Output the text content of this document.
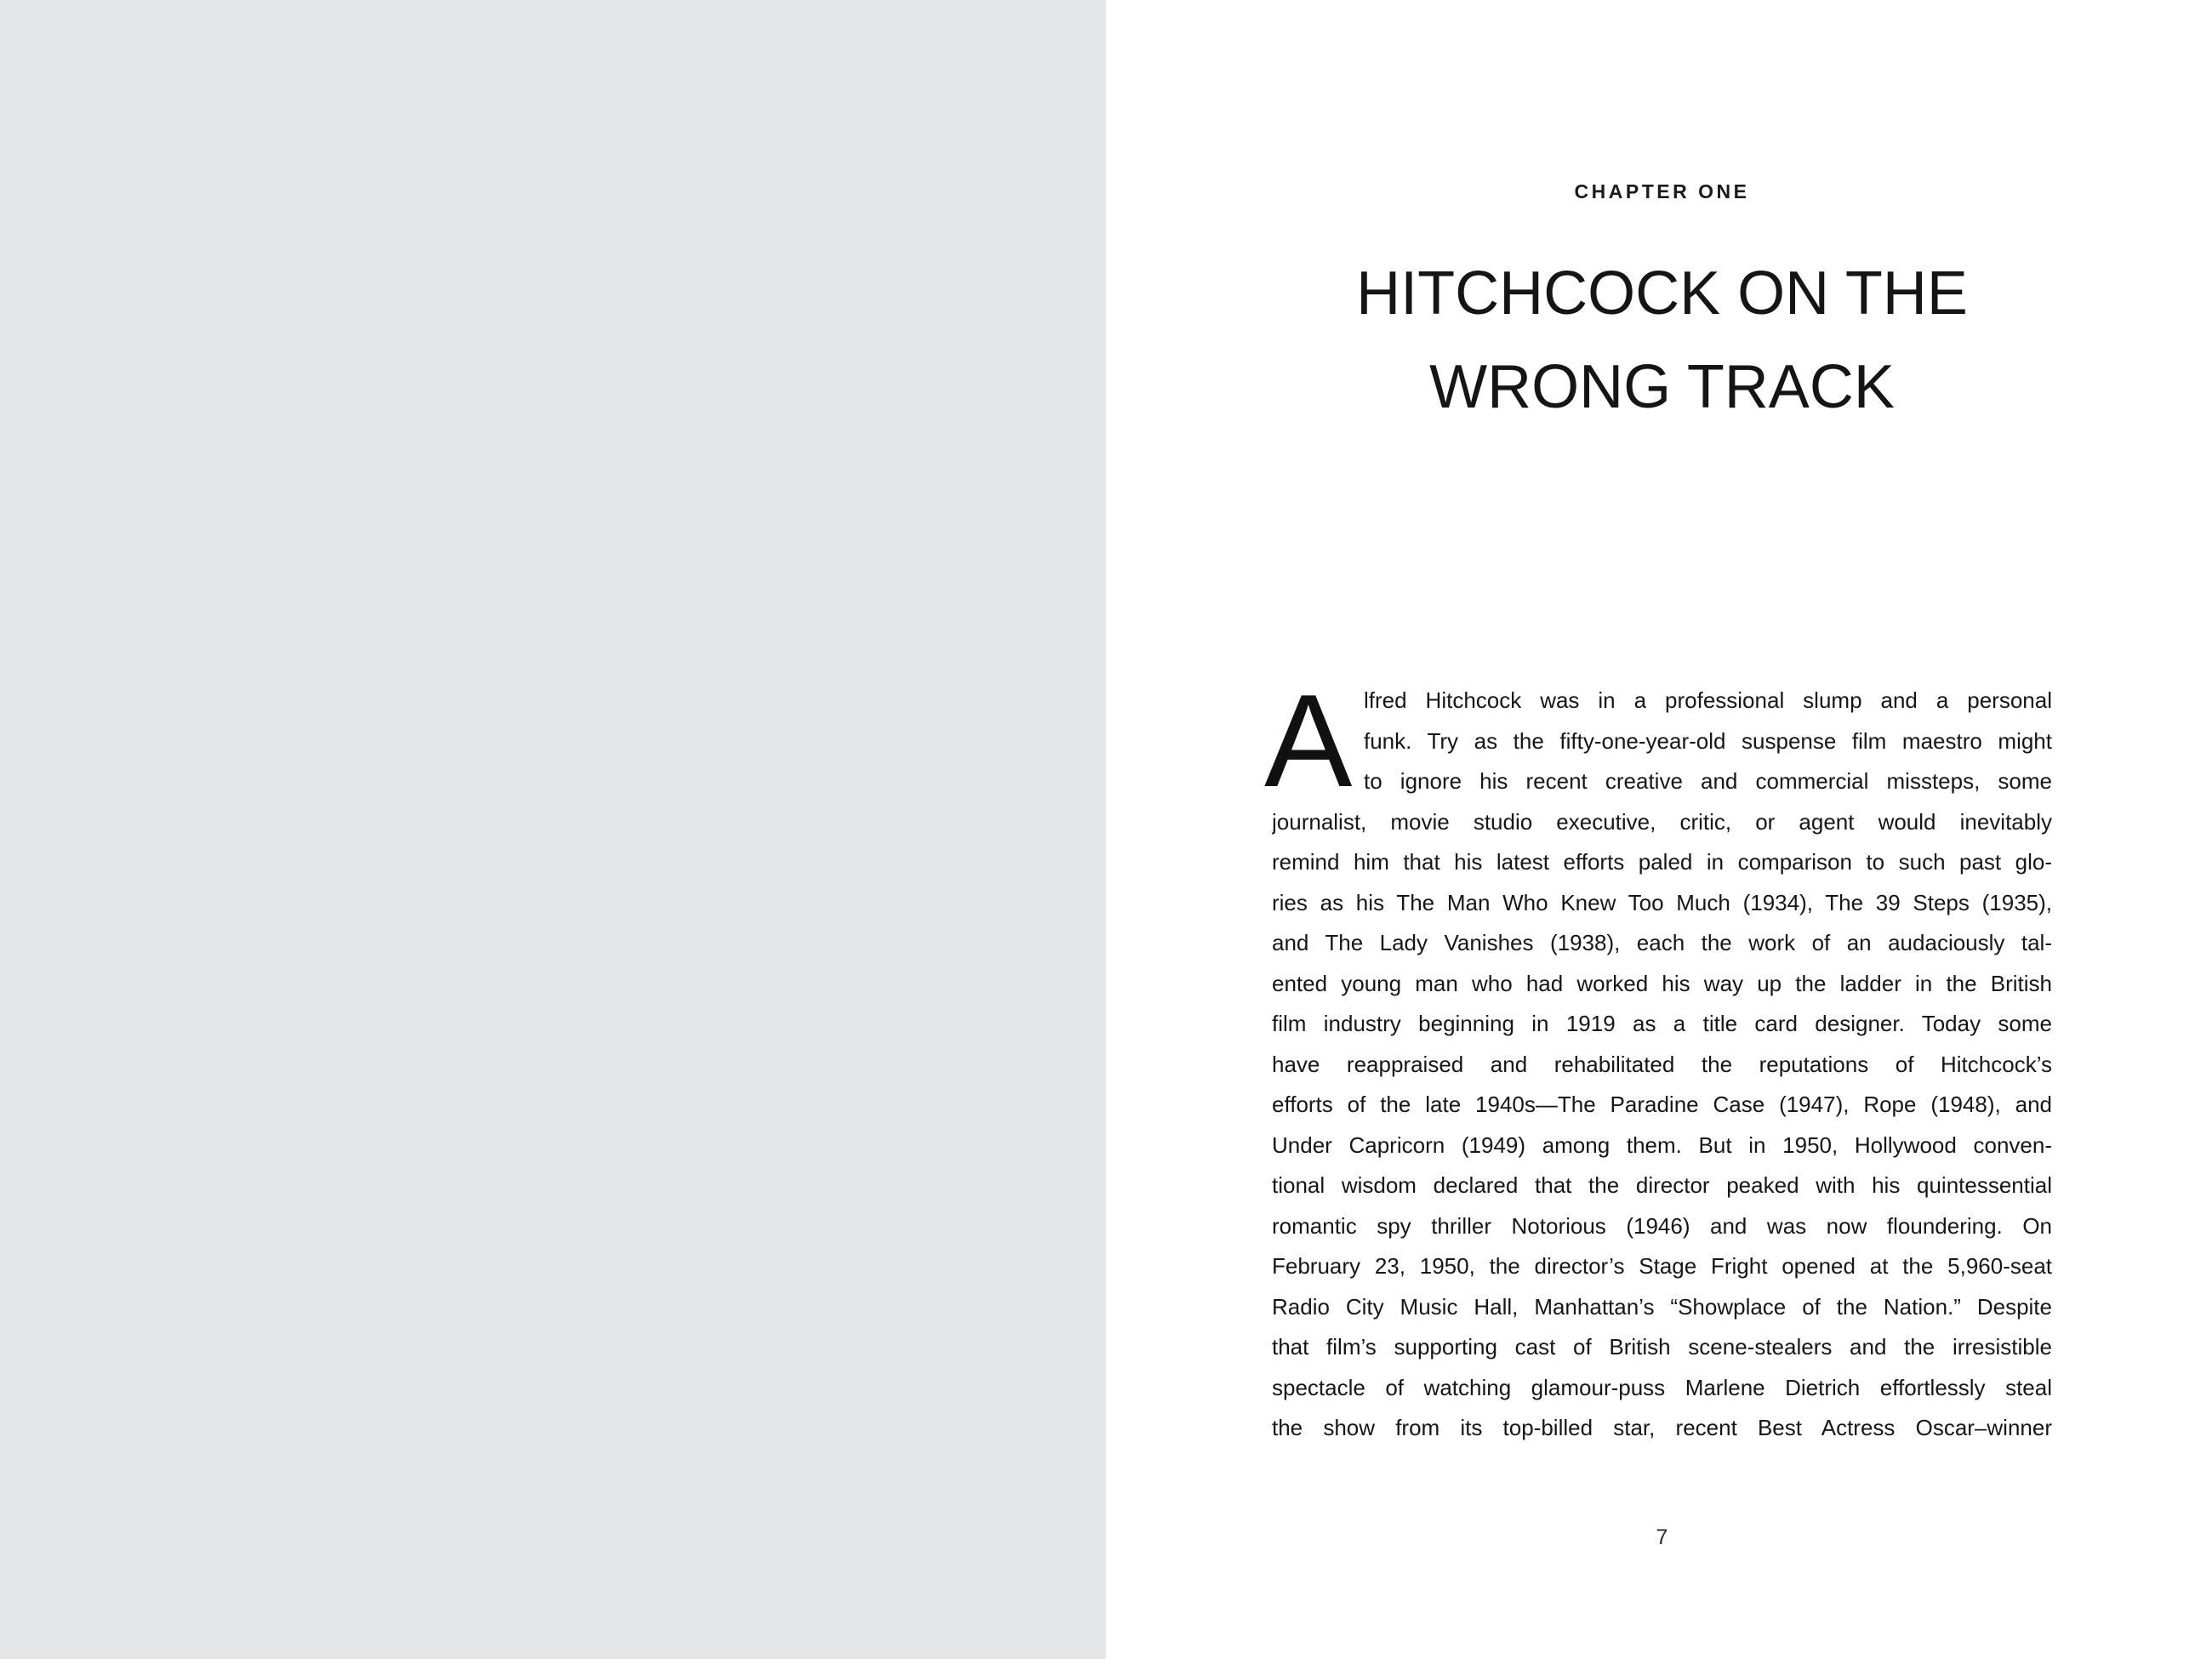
CHAPTER ONE
HITCHCOCK ON THE
WRONG TRACK
A lfred Hitchcock was in a professional slump and a personal
funk. Try as the fifty-one-year-old suspense film maestro might
to ignore his recent creative and commercial missteps, some
journalist, movie studio executive, critic, or agent would inevitably
remind him that his latest efforts paled in comparison to such past glo-
ries as his The Man Who Knew Too Much (1934), The 39 Steps (1935),
and The Lady Vanishes (1938), each the work of an audaciously tal-
ented young man who had worked his way up the ladder in the British
film industry beginning in 1919 as a title card designer. Today some
have reappraised and rehabilitated the reputations of Hitchcock’s
efforts of the late 1940s—The Paradine Case (1947), Rope (1948), and
Under Capricorn (1949) among them. But in 1950, Hollywood conven-
tional wisdom declared that the director peaked with his quintessential
romantic spy thriller Notorious (1946) and was now floundering. On
February 23, 1950, the director’s Stage Fright opened at the 5,960-seat
Radio City Music Hall, Manhattan’s “Showplace of the Nation.” Despite
that film’s supporting cast of British scene-stealers and the irresistible
spectacle of watching glamour-puss Marlene Dietrich effortlessly steal
the show from its top-billed star, recent Best Actress Oscar–winner
7
